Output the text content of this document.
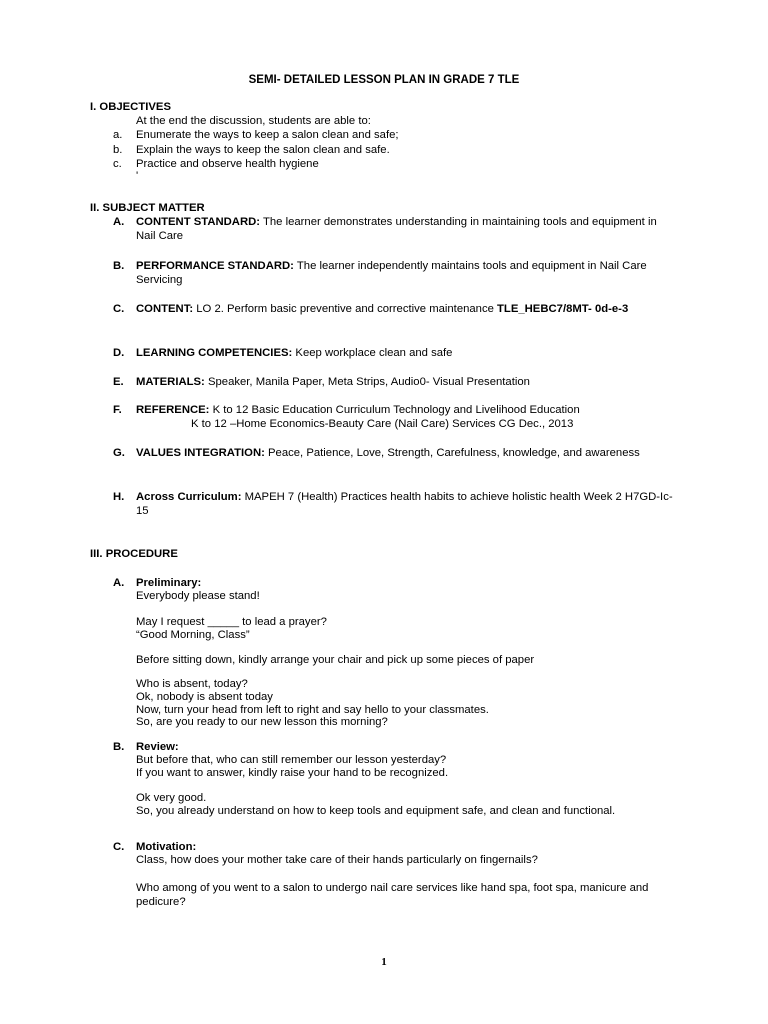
SEMI- DETAILED LESSON PLAN IN GRADE 7 TLE
I. OBJECTIVES
At the end the discussion, students are able to:
a. Enumerate the ways to keep a salon clean and safe;
b. Explain the ways to keep the salon clean and safe.
c. Practice and observe health hygiene
'
II. SUBJECT MATTER
A. CONTENT STANDARD: The learner demonstrates understanding in maintaining tools and equipment in Nail Care
B. PERFORMANCE STANDARD: The learner independently maintains tools and equipment in Nail Care Servicing
C. CONTENT: LO 2. Perform basic preventive and corrective maintenance TLE_HEBC7/8MT- 0d-e-3
D. LEARNING COMPETENCIES: Keep workplace clean and safe
E. MATERIALS: Speaker, Manila Paper, Meta Strips, Audio0- Visual Presentation
F. REFERENCE: K to 12 Basic Education Curriculum Technology and Livelihood Education
K to 12 –Home Economics-Beauty Care (Nail Care) Services CG Dec., 2013
G. VALUES INTEGRATION: Peace, Patience, Love, Strength, Carefulness, knowledge, and awareness
H. Across Curriculum: MAPEH 7 (Health) Practices health habits to achieve holistic health Week 2 H7GD-Ic-15
III. PROCEDURE
A. Preliminary:
Everybody please stand!
May I request _____ to lead a prayer?
“Good Morning, Class”
Before sitting down, kindly arrange your chair and pick up some pieces of paper
Who is absent, today?
Ok, nobody is absent today
Now, turn your head from left to right and say hello to your classmates.
So, are you ready to our new lesson this morning?
B. Review:
But before that, who can still remember our lesson yesterday?
If you want to answer, kindly raise your hand to be recognized.
Ok very good.
So, you already understand on how to keep tools and equipment safe, and clean and functional.
C. Motivation:
Class, how does your mother take care of their hands particularly on fingernails?
Who among of you went to a salon to undergo nail care services like hand spa, foot spa, manicure and pedicure?
1
